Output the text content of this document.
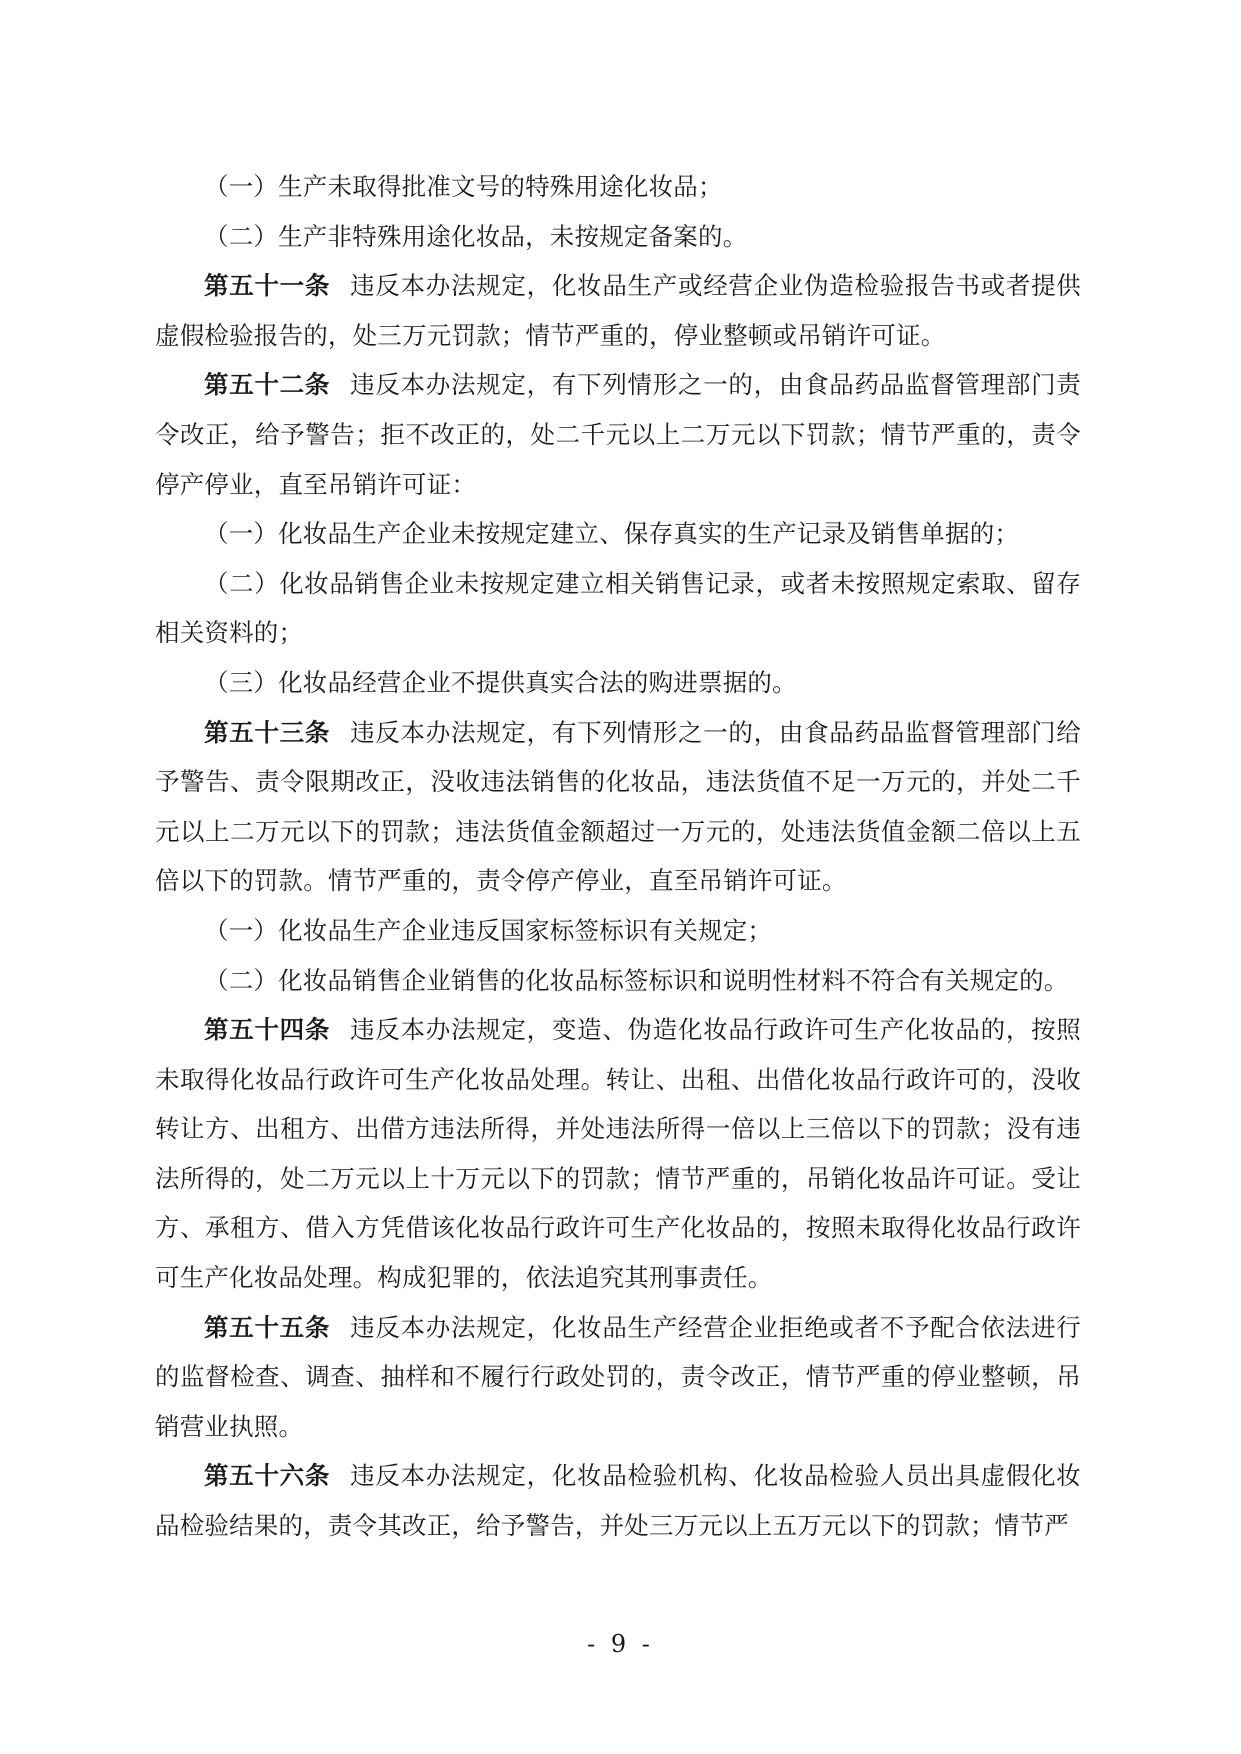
（一）生产未取得批准文号的特殊用途化妆品；

（二）生产非特殊用途化妆品，未按规定备案的。

第五十一条 违反本办法规定，化妆品生产或经营企业伪造检验报告书或者提供虚假检验报告的，处三万元罚款；情节严重的，停业整顿或吊销许可证。

第五十二条 违反本办法规定，有下列情形之一的，由食品药品监督管理部门责令改正，给予警告；拒不改正的，处二千元以上二万元以下罚款；情节严重的，责令停产停业，直至吊销许可证：

（一）化妆品生产企业未按规定建立、保存真实的生产记录及销售单据的；

（二）化妆品销售企业未按规定建立相关销售记录，或者未按照规定索取、留存相关资料的；

（三）化妆品经营企业不提供真实合法的购进票据的。

第五十三条 违反本办法规定，有下列情形之一的，由食品药品监督管理部门给予警告、责令限期改正，没收违法销售的化妆品，违法货值不足一万元的，并处二千元以上二万元以下的罚款；违法货值金额超过一万元的，处违法货值金额二倍以上五倍以下的罚款。情节严重的，责令停产停业，直至吊销许可证。

（一）化妆品生产企业违反国家标签标识有关规定；

（二）化妆品销售企业销售的化妆品标签标识和说明性材料不符合有关规定的。

第五十四条 违反本办法规定，变造、伪造化妆品行政许可生产化妆品的，按照未取得化妆品行政许可生产化妆品处理。转让、出租、出借化妆品行政许可的，没收转让方、出租方、出借方违法所得，并处违法所得一倍以上三倍以下的罚款；没有违法所得的，处二万元以上十万元以下的罚款；情节严重的，吊销化妆品许可证。受让方、承租方、借入方凭借该化妆品行政许可生产化妆品的，按照未取得化妆品行政许可生产化妆品处理。构成犯罪的，依法追究其刑事责任。

第五十五条 违反本办法规定，化妆品生产经营企业拒绝或者不予配合依法进行的监督检查、调查、抽样和不履行行政处罚的，责令改正，情节严重的停业整顿，吊销营业执照。

第五十六条 违反本办法规定，化妆品检验机构、化妆品检验人员出具虚假化妆品检验结果的，责令其改正，给予警告，并处三万元以上五万元以下的罚款；情节严

- 9 -
